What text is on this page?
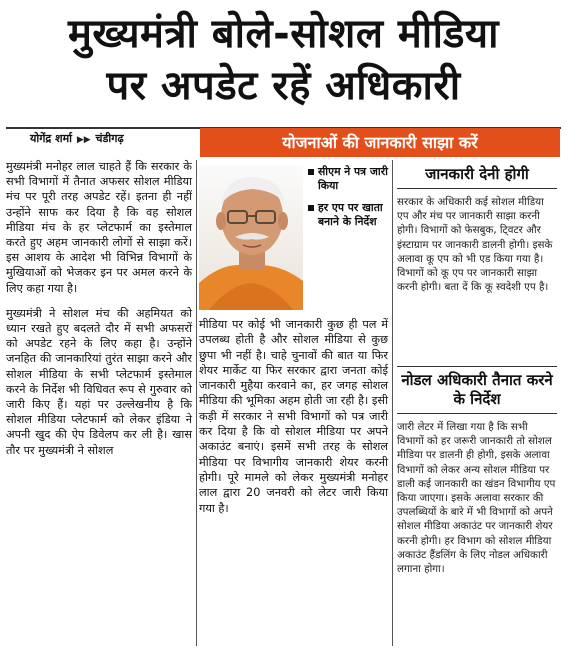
मुख्यमंत्री बोले-सोशल मीडिया
पर अपडेट रहें अधिकारी
योगेंद्र शर्मा ▶▶ चंडीगढ़	योजनाओं की जानकारी साझा करें

मुख्यमंत्री मनोहर लाल चाहते हैं कि सरकार के सभी विभागों में तैनात अफसर सोशल मीडिया मंच पर पूरी तरह अपडेट रहें। इतना ही नहीं उन्होंने साफ कर दिया है कि वह सोशल मीडिया मंच के हर प्लेटफार्म का इस्तेमाल करते हुए अहम जानकारी लोगों से साझा करें। इस आशय के आदेश भी विभिन्न विभागों के मुखियाओं को भेजकर इन पर अमल करने के लिए कहा गया है।

मुख्यमंत्री ने सोशल मंच की अहमियत को ध्यान रखते हुए बदलते दौर में सभी अफसरों को अपडेट रहने के लिए कहा है। उन्होंने जनहित की जानकारियां तुरंत साझा करने और सोशल मीडिया के सभी प्लेटफार्म इस्तेमाल करने के निर्देश भी विधिवत रूप से गुरुवार को जारी किए हैं। यहां पर उल्लेखनीय है कि सोशल मीडिया प्लेटफार्म को लेकर इंडिया ने अपनी खुद की ऐप डिवेलप कर ली है। खास तौर पर मुख्यमंत्री ने सोशल

सीएम ने पत्र जारी किया
हर एप पर खाता बनाने के निर्देश
मीडिया पर कोई भी जानकारी कुछ ही पल में उपलब्ध होती है और सोशल मीडिया से कुछ छुपा भी नहीं है। चाहे चुनावों की बात या फिर शेयर मार्केट या फिर सरकार द्वारा जनता कोई जानकारी मुहैया करवाने का, हर जगह सोशल मीडिया की भूमिका अहम होती जा रही है। इसी कड़ी में सरकार ने सभी विभागों को पत्र जारी कर दिया है कि वो सोशल मीडिया पर अपने अकाउंट बनाएं। इसमें सभी तरह के सोशल मीडिया पर विभागीय जानकारी शेयर करनी होगी। पूरे मामले को लेकर मुख्यमंत्री मनोहर लाल द्वारा 20 जनवरी को लेटर जारी किया गया है।
जानकारी देनी होगी
सरकार के अधिकारी कई सोशल मीडिया एप और मंच पर जानकारी साझा करनी होगी। विभागों को फेसबुक, टि्वटर और इंस्टाग्राम पर जानकारी डालनी होगी। इसके अलावा कू एप को भी एड किया गया है। विभागों को कू एप पर जानकारी साझा करनी होगी। बता दें कि कू स्वदेशी एप है।
नोडल अधिकारी तैनात करने के निर्देश
जारी लेटर में लिखा गया है कि सभी विभागों को हर जरूरी जानकारी तो सोशल मीडिया पर डालनी ही होगी, इसके अलावा विभागों को लेकर अन्य सोशल मीडिया पर डाली कई जानकारी का खंडन विभागीय एप किया जाएगा। इसके अलावा सरकार की उपलब्धियों के बारे में भी विभागों को अपने सोशल मीडिया अकाउंट पर जानकारी शेयर करनी होगी। हर विभाग को सोशल मीडिया अकाउंट हैंडलिंग के लिए नोडल अधिकारी लगाना होगा।
